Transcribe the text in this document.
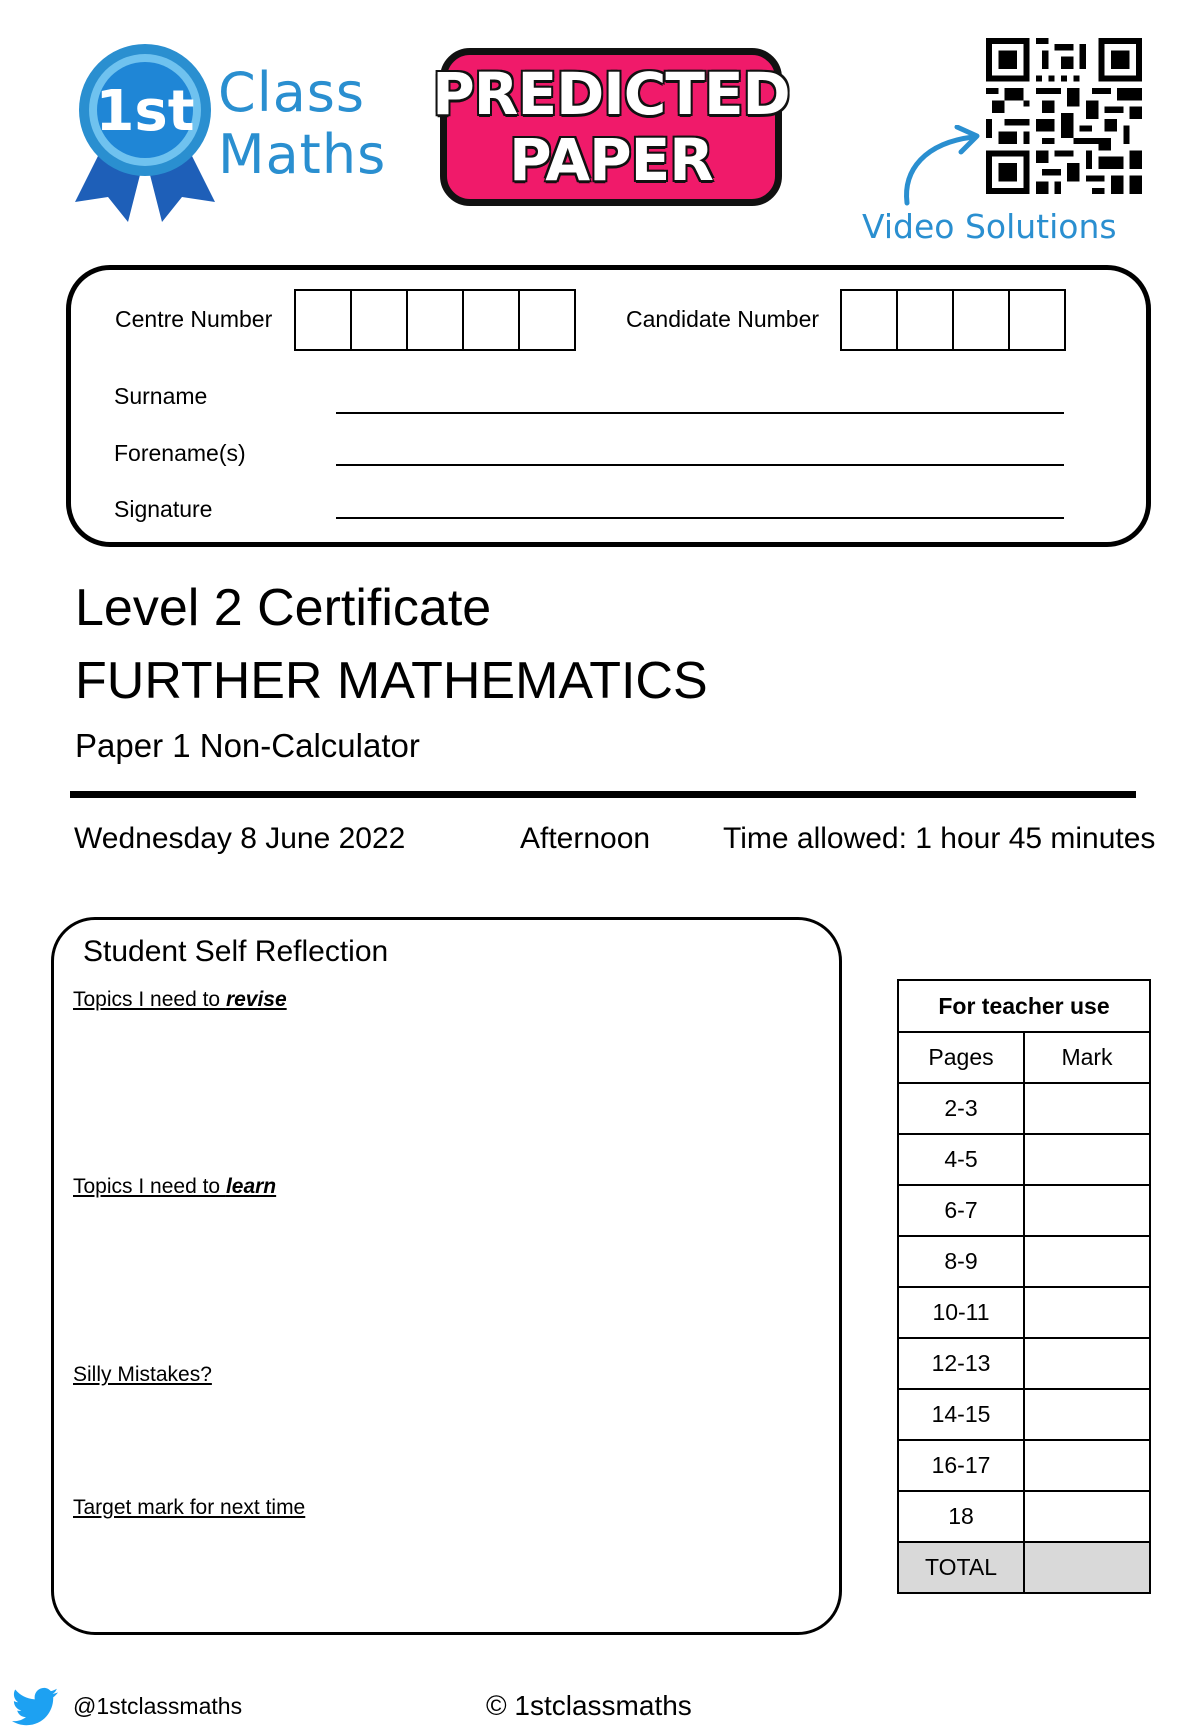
1st Class
Maths
PREDICTED
PAPER
Video Solutions
Centre Number	Candidate Number
Surname
Forename(s)
Signature
Level 2 Certificate
FURTHER MATHEMATICS
Paper 1 Non-Calculator
Wednesday 8 June 2022	Afternoon Time allowed: 1 hour 45 minutes
Student Self Reflection
Topics I need to revise
Topics I need to learn
Silly Mistakes?
Target mark for next time
For teacher use	
Pages	Mark
2-3	
4-5	
6-7	
8-9	
10-11	
12-13	
14-15	
16-17	
18	
TOTAL	
@1stclassmaths	© 1stclassmaths
